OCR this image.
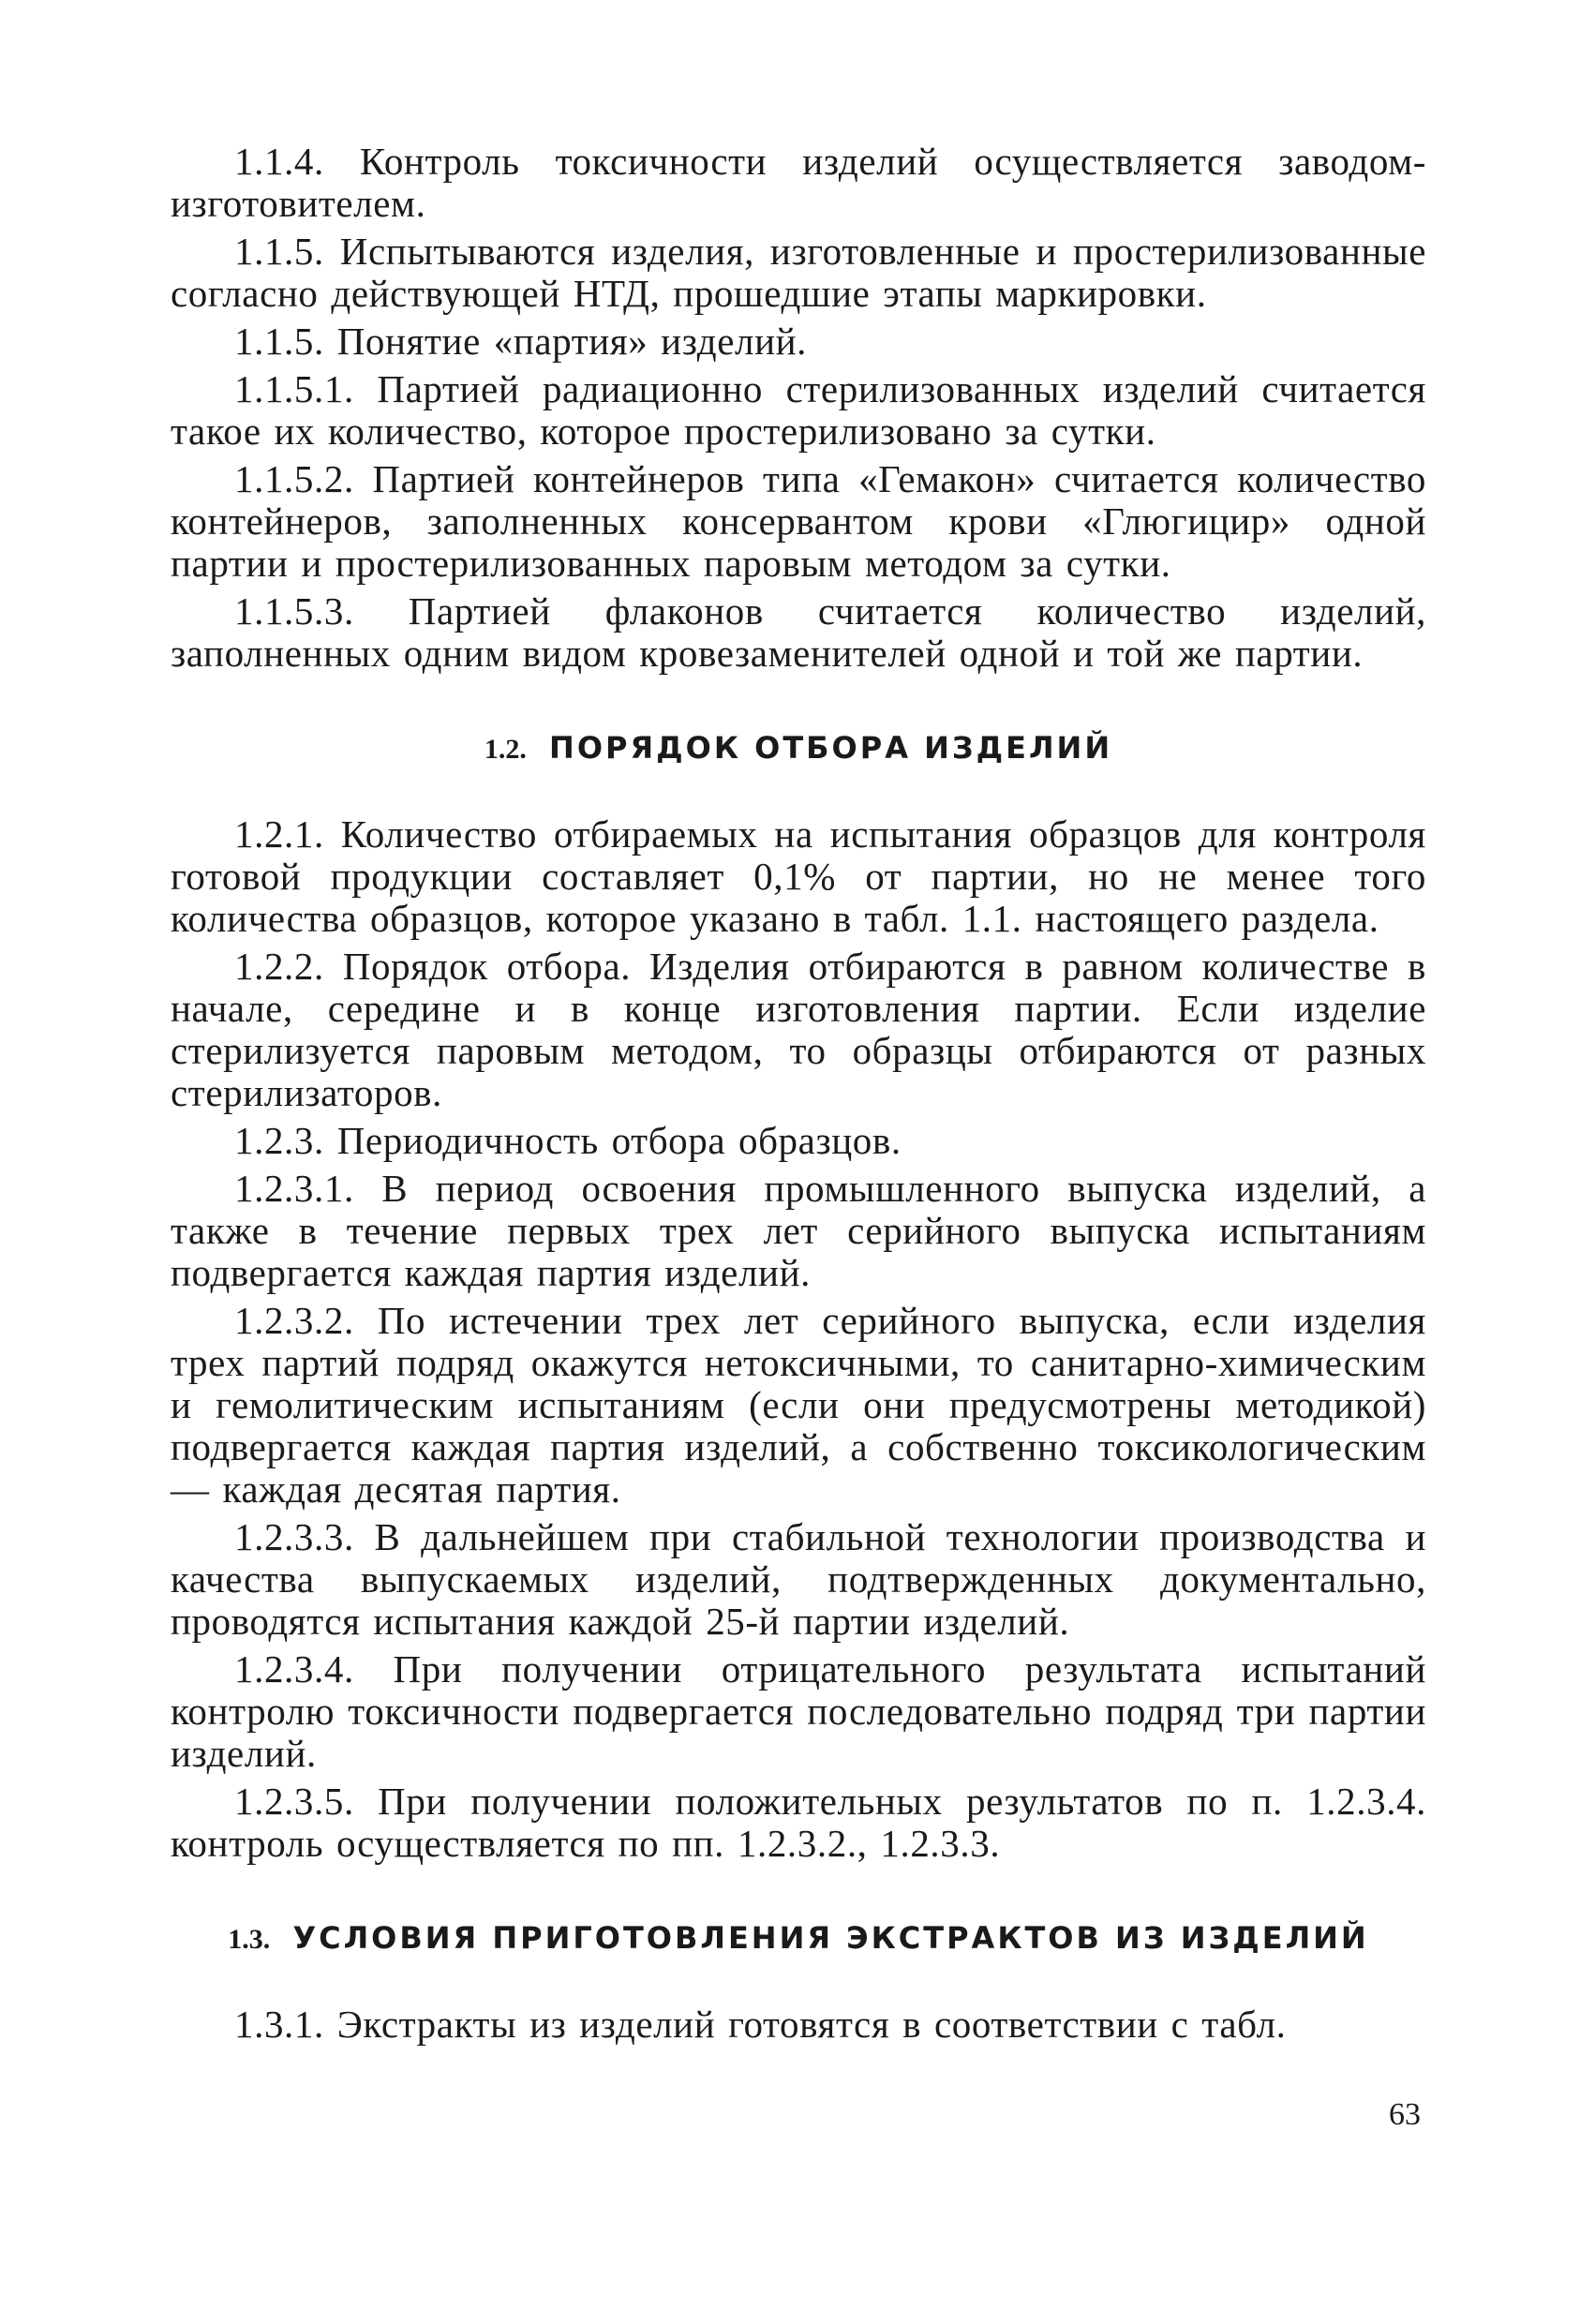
1.1.4. Контроль токсичности изделий осуществляется заводом-изготовителем.

1.1.5. Испытываются изделия, изготовленные и простерилизованные согласно действующей НТД, прошедшие этапы маркировки.

1.1.5. Понятие «партия» изделий.

1.1.5.1. Партией радиационно стерилизованных изделий считается такое их количество, которое простерилизовано за сутки.

1.1.5.2. Партией контейнеров типа «Гемакон» считается количество контейнеров, заполненных консервантом крови «Глюгицир» одной партии и простерилизованных паровым методом за сутки.

1.1.5.3. Партией флаконов считается количество изделий, заполненных одним видом кровезаменителей одной и той же партии.

1.2. ПОРЯДОК ОТБОРА ИЗДЕЛИЙ

1.2.1. Количество отбираемых на испытания образцов для контроля готовой продукции составляет 0,1% от партии, но не менее того количества образцов, которое указано в табл. 1.1. настоящего раздела.

1.2.2. Порядок отбора. Изделия отбираются в равном количестве в начале, середине и в конце изготовления партии. Если изделие стерилизуется паровым методом, то образцы отбираются от разных стерилизаторов.

1.2.3. Периодичность отбора образцов.

1.2.3.1. В период освоения промышленного выпуска изделий, а также в течение первых трех лет серийного выпуска испытаниям подвергается каждая партия изделий.

1.2.3.2. По истечении трех лет серийного выпуска, если изделия трех партий подряд окажутся нетоксичными, то санитарно-химическим и гемолитическим испытаниям (если они предусмотрены методикой) подвергается каждая партия изделий, а собственно токсикологическим — каждая десятая партия.

1.2.3.3. В дальнейшем при стабильной технологии производства и качества выпускаемых изделий, подтвержденных документально, проводятся испытания каждой 25-й партии изделий.

1.2.3.4. При получении отрицательного результата испытаний контролю токсичности подвергается последовательно подряд три партии изделий.

1.2.3.5. При получении положительных результатов по п. 1.2.3.4. контроль осуществляется по пп. 1.2.3.2., 1.2.3.3.

1.3. УСЛОВИЯ ПРИГОТОВЛЕНИЯ ЭКСТРАКТОВ ИЗ ИЗДЕЛИЙ

1.3.1. Экстракты из изделий готовятся в соответствии с табл.

63
